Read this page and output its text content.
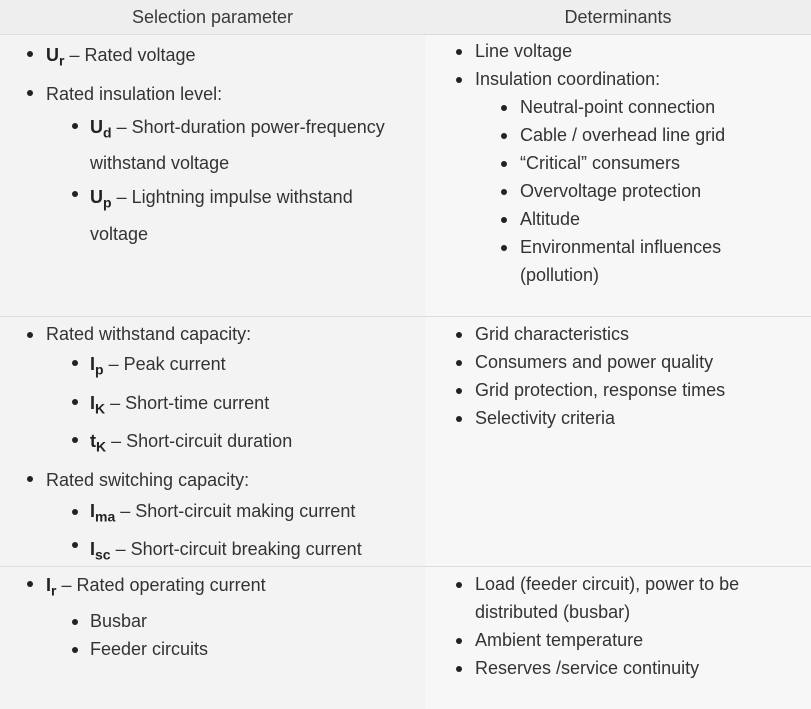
Selection parameter	Determinants
$U_r$ – Rated voltage
Rated insulation level:
$U_d$ – Short-duration power-frequency withstand voltage
$U_p$ – Lightning impulse withstand voltage
Line voltage
Insulation coordination:
Neutral-point connection
Cable / overhead line grid
“Critical” consumers
Overvoltage protection
Altitude
Environmental influences (pollution)
Rated withstand capacity:
$I_p$ – Peak current
$I_K$ – Short-time current
$t_K$ – Short-circuit duration
Rated switching capacity:
$I_{ma}$ – Short-circuit making current
$I_{sc}$ – Short-circuit breaking current
Grid characteristics
Consumers and power quality
Grid protection, response times
Selectivity criteria
$I_r$ – Rated operating current
Busbar
Feeder circuits
Load (feeder circuit), power to be distributed (busbar)
Ambient temperature
Reserves /service continuity
